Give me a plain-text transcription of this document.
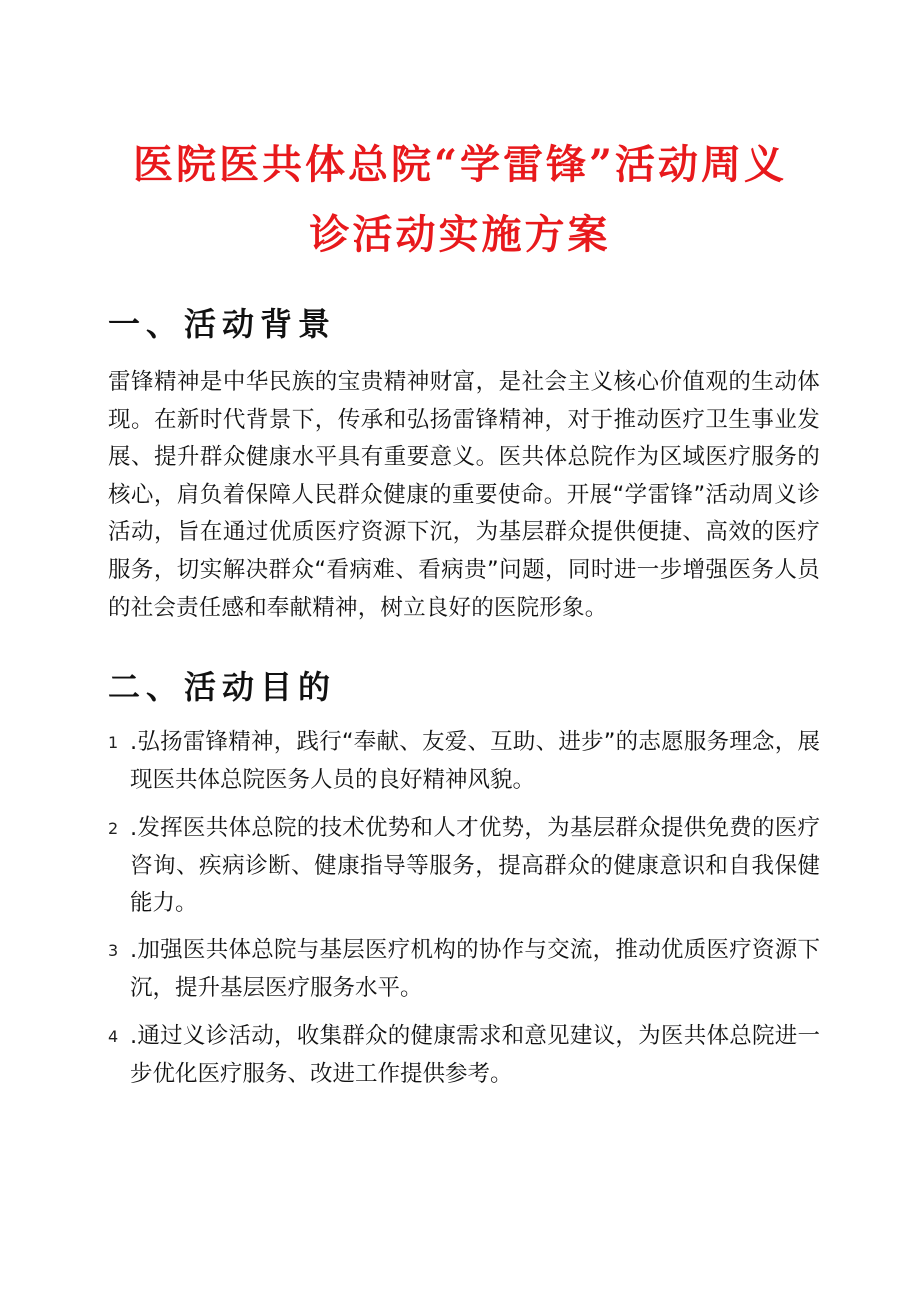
医院医共体总院“学雷锋”活动周义
诊活动实施方案
一、活动背景

雷锋精神是中华民族的宝贵精神财富，是社会主义核心价值观的生动体现。在新时代背景下，传承和弘扬雷锋精神，对于推动医疗卫生事业发展、提升群众健康水平具有重要意义。医共体总院作为区域医疗服务的核心，肩负着保障人民群众健康的重要使命。开展“学雷锋”活动周义诊活动，旨在通过优质医疗资源下沉，为基层群众提供便捷、高效的医疗服务，切实解决群众“看病难、看病贵”问题，同时进一步增强医务人员的社会责任感和奉献精神，树立良好的医院形象。

二、活动目的
1 .弘扬雷锋精神，践行“奉献、友爱、互助、进步”的志愿服务理念，展现医共体总院医务人员的良好精神风貌。

2 .发挥医共体总院的技术优势和人才优势，为基层群众提供免费的医疗咨询、疾病诊断、健康指导等服务，提高群众的健康意识和自我保健能力。

3 .加强医共体总院与基层医疗机构的协作与交流，推动优质医疗资源下沉，提升基层医疗服务水平。

4 .通过义诊活动，收集群众的健康需求和意见建议，为医共体总院进一步优化医疗服务、改进工作提供参考。
